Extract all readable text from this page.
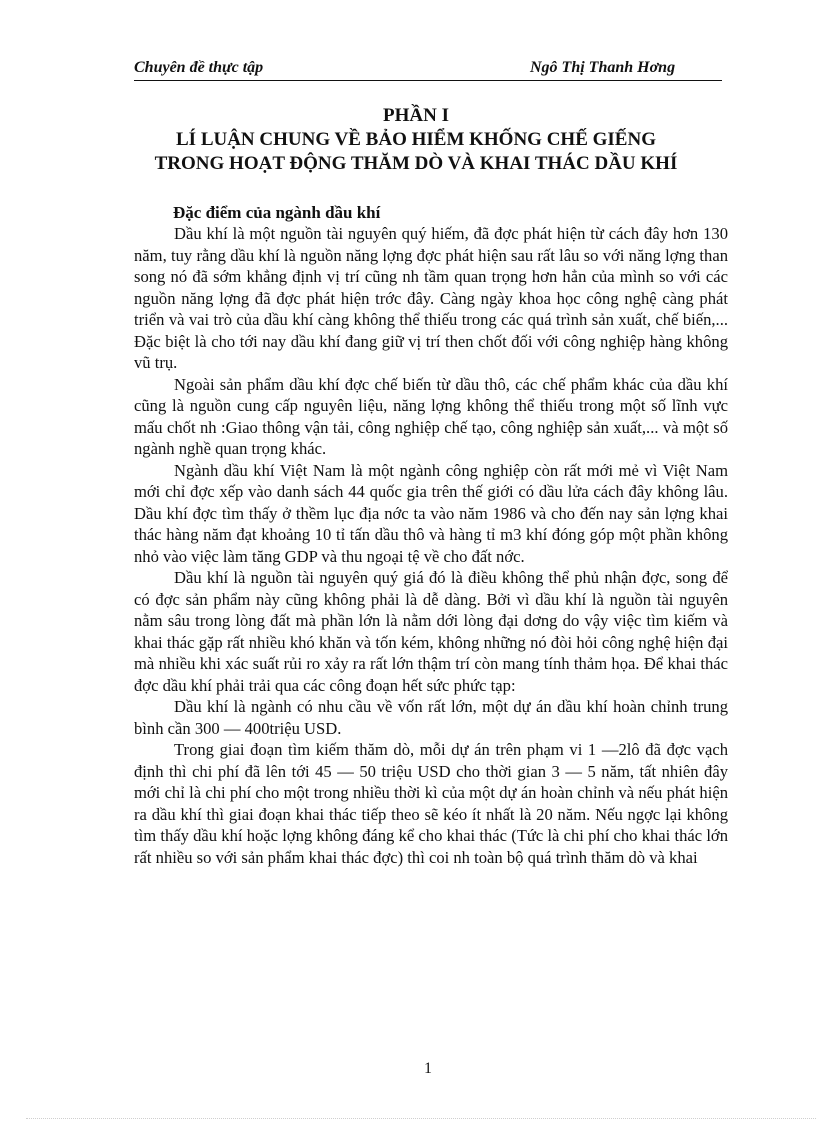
Chuyên đề thực tập	Ngô Thị Thanh Hơng
PHẦN I
LÍ LUẬN CHUNG VỀ BẢO HIỂM KHỐNG CHẾ GIẾNG
TRONG HOẠT ĐỘNG THĂM DÒ VÀ KHAI THÁC DẦU KHÍ
Đặc điểm của ngành dầu khí

Dầu khí là một nguồn tài nguyên quý hiếm, đã đợc phát hiện từ cách đây hơn 130 năm, tuy rằng dầu khí là nguồn năng lợng đợc phát hiện sau rất lâu so với năng lợng than song nó đã sớm khẳng định vị trí cũng nh tầm quan trọng hơn hẳn của mình so với các nguồn năng lợng đã đợc phát hiện trớc đây. Càng ngày khoa học công nghệ càng phát triển và vai trò của dầu khí càng không thể thiếu trong các quá trình sản xuất, chế biến,... Đặc biệt là cho tới nay dầu khí đang giữ vị trí then chốt đối với công nghiệp hàng không vũ trụ.

Ngoài sản phẩm dầu khí đợc chế biến từ dầu thô, các chế phẩm khác của dầu khí cũng là nguồn cung cấp nguyên liệu, năng lợng không thể thiếu trong một số lĩnh vực mấu chốt nh :Giao thông vận tải, công nghiệp chế tạo, công nghiệp sản xuất,... và một số ngành nghề quan trọng khác.

Ngành dầu khí Việt Nam là một ngành công nghiệp còn rất mới mẻ vì Việt Nam mới chỉ đợc xếp vào danh sách 44 quốc gia trên thế giới có dầu lửa cách đây không lâu. Dầu khí đợc tìm thấy ở thềm lục địa nớc ta vào năm 1986 và cho đến nay sản lợng khai thác hàng năm đạt khoảng 10 tỉ tấn dầu thô và hàng tỉ m3 khí đóng góp một phần không nhỏ vào việc làm tăng GDP và thu ngoại tệ về cho đất nớc.

Dầu khí là nguồn tài nguyên quý giá đó là điều không thể phủ nhận đợc, song để có đợc sản phẩm này cũng không phải là dễ dàng. Bởi vì dầu khí là nguồn tài nguyên nằm sâu trong lòng đất mà phần lớn là nằm dới lòng đại dơng do vậy việc tìm kiếm và khai thác gặp rất nhiều khó khăn và tốn kém, không những nó đòi hỏi công nghệ hiện đại mà nhiều khi xác suất rủi ro xảy ra rất lớn thậm trí còn mang tính thảm họa. Để khai thác đợc dầu khí phải trải qua các công đoạn hết sức phức tạp:

Dầu khí là ngành có nhu cầu về vốn rất lớn, một dự án dầu khí hoàn chỉnh trung bình cần 300 — 400triệu USD.

Trong giai đoạn tìm kiếm thăm dò, mỗi dự án trên phạm vi 1 —2lô đã đợc vạch định thì chi phí đã lên tới 45 — 50 triệu USD cho thời gian 3 — 5 năm, tất nhiên đây mới chỉ là chi phí cho một trong nhiều thời kì của một dự án hoàn chỉnh và nếu phát hiện ra dầu khí thì giai đoạn khai thác tiếp theo sẽ kéo ít nhất là 20 năm. Nếu ngợc lại không tìm thấy dầu khí hoặc lợng không đáng kể cho khai thác (Tức là chi phí cho khai thác lớn rất nhiều so với sản phẩm khai thác đợc) thì coi nh toàn bộ quá trình thăm dò và khai

1
